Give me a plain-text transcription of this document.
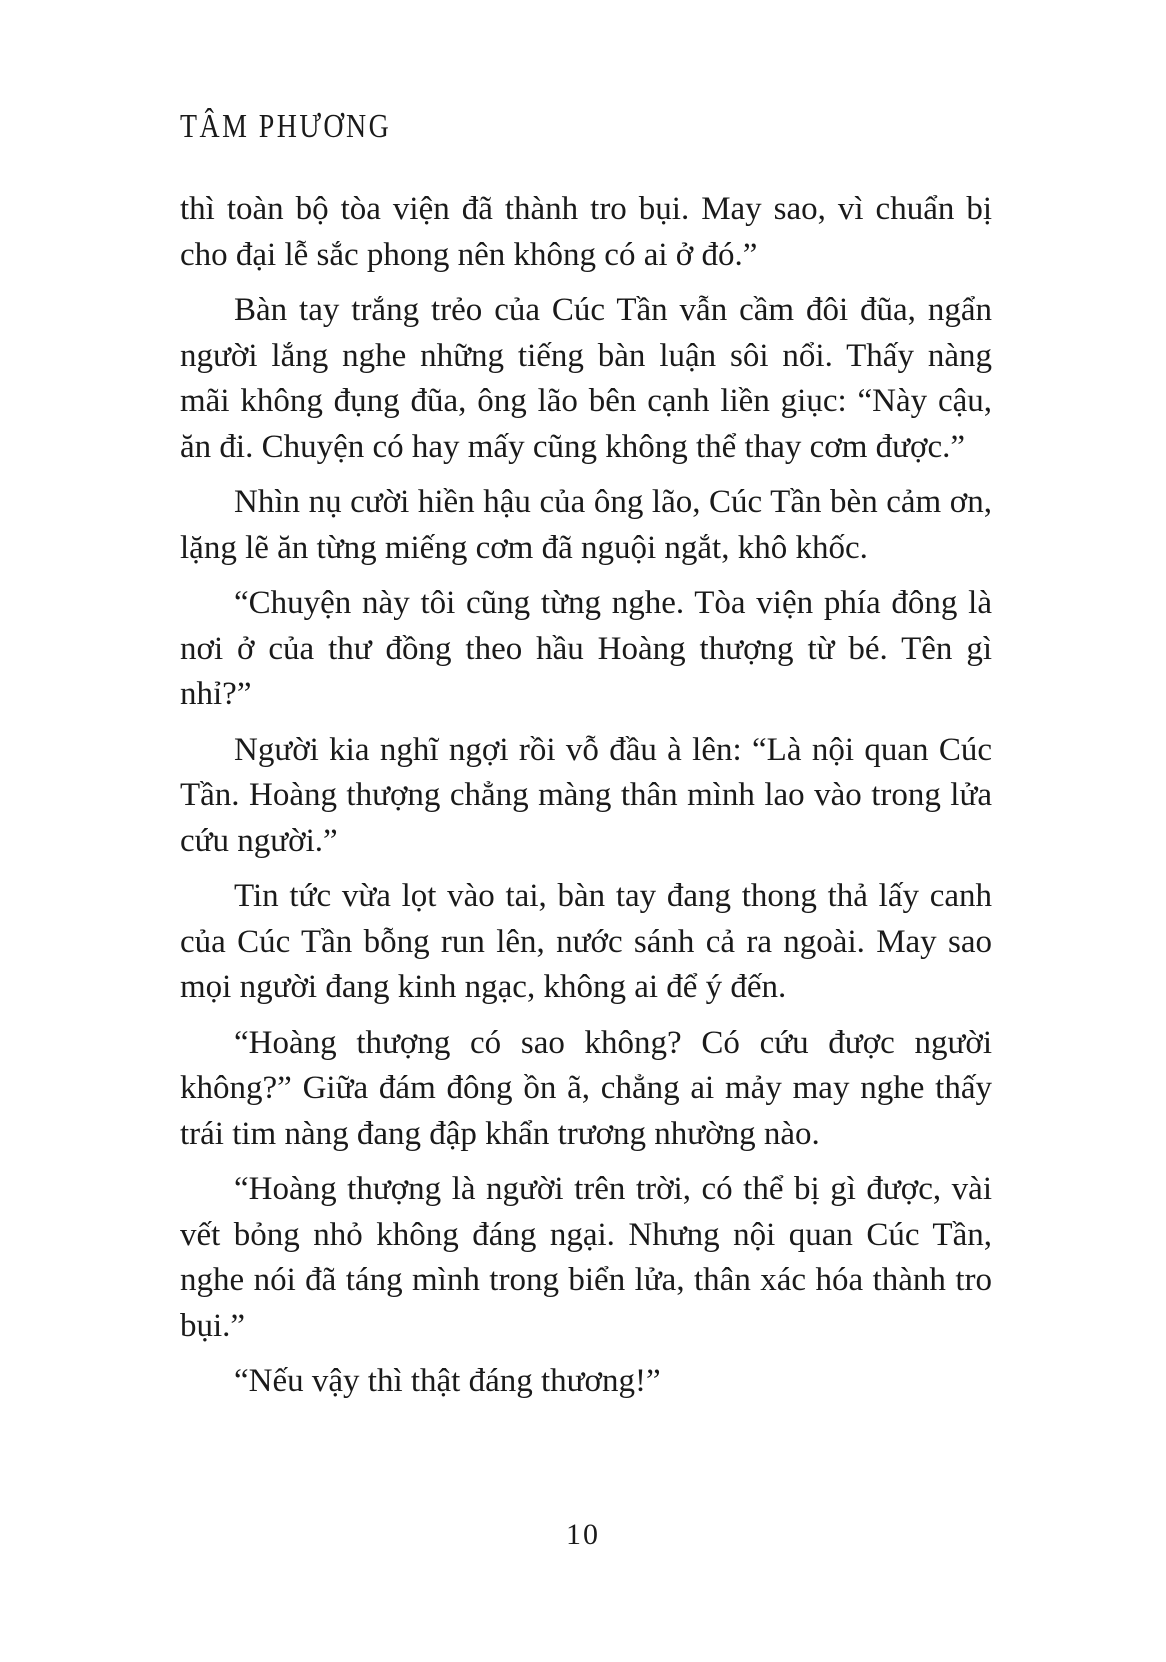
TÂM PHƯƠNG

thì toàn bộ tòa viện đã thành tro bụi. May sao, vì chuẩn bị cho đại lễ sắc phong nên không có ai ở đó.”

Bàn tay trắng trẻo của Cúc Tần vẫn cầm đôi đũa, ngẩn người lắng nghe những tiếng bàn luận sôi nổi. Thấy nàng mãi không đụng đũa, ông lão bên cạnh liền giục: “Này cậu, ăn đi. Chuyện có hay mấy cũng không thể thay cơm được.”

Nhìn nụ cười hiền hậu của ông lão, Cúc Tần bèn cảm ơn, lặng lẽ ăn từng miếng cơm đã nguội ngắt, khô khốc.

“Chuyện này tôi cũng từng nghe. Tòa viện phía đông là nơi ở của thư đồng theo hầu Hoàng thượng từ bé. Tên gì nhỉ?”

Người kia nghĩ ngợi rồi vỗ đầu à lên: “Là nội quan Cúc Tần. Hoàng thượng chẳng màng thân mình lao vào trong lửa cứu người.”

Tin tức vừa lọt vào tai, bàn tay đang thong thả lấy canh của Cúc Tần bỗng run lên, nước sánh cả ra ngoài. May sao mọi người đang kinh ngạc, không ai để ý đến.

“Hoàng thượng có sao không? Có cứu được người không?” Giữa đám đông ồn ã, chẳng ai mảy may nghe thấy trái tim nàng đang đập khẩn trương nhường nào.

“Hoàng thượng là người trên trời, có thể bị gì được, vài vết bỏng nhỏ không đáng ngại. Nhưng nội quan Cúc Tần, nghe nói đã táng mình trong biển lửa, thân xác hóa thành tro bụi.”

“Nếu vậy thì thật đáng thương!”

10
